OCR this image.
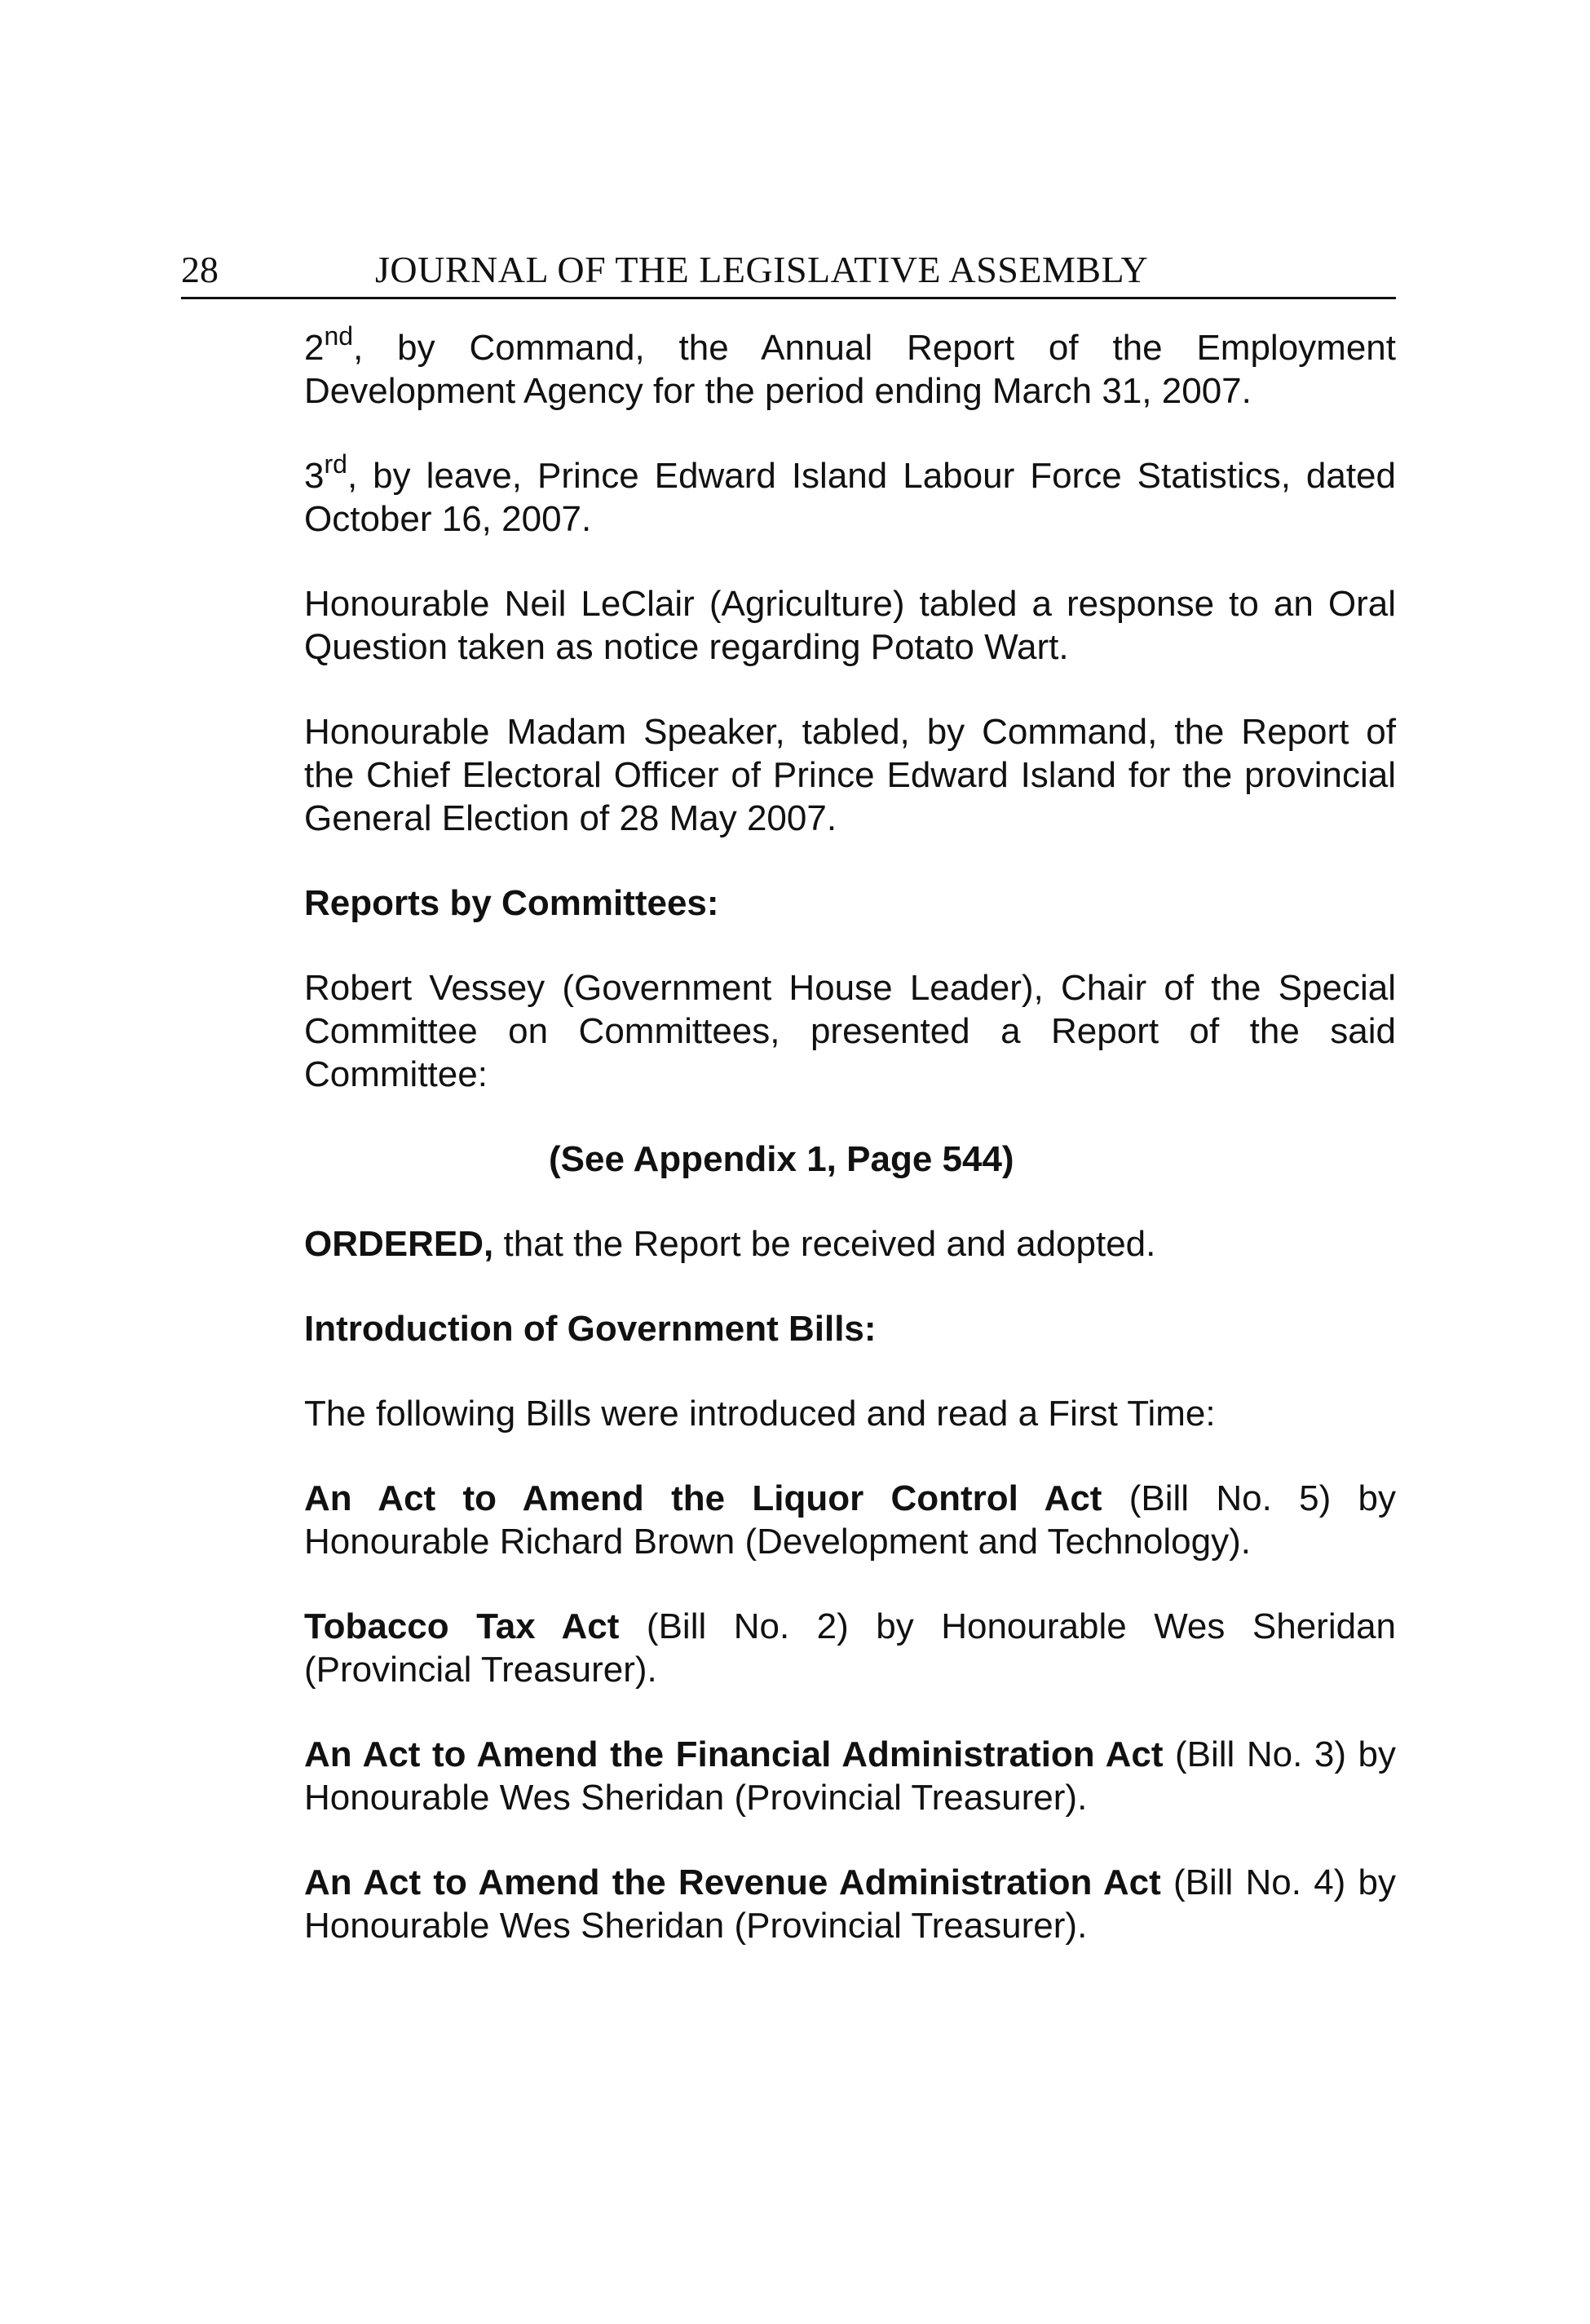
28	JOURNAL OF THE LEGISLATIVE ASSEMBLY

2nd, by Command, the Annual Report of the Employment Development Agency for the period ending March 31, 2007.

3rd, by leave, Prince Edward Island Labour Force Statistics, dated October 16, 2007.

Honourable Neil LeClair (Agriculture) tabled a response to an Oral Question taken as notice regarding Potato Wart.

Honourable Madam Speaker, tabled, by Command, the Report of the Chief Electoral Officer of Prince Edward Island for the provincial General Election of 28 May 2007.

Reports by Committees:

Robert Vessey (Government House Leader), Chair of the Special Committee on Committees, presented a Report of the said Committee:

(See Appendix 1, Page 544)

ORDERED, that the Report be received and adopted.

Introduction of Government Bills:

The following Bills were introduced and read a First Time:

An Act to Amend the Liquor Control Act (Bill No. 5) by Honourable Richard Brown (Development and Technology).

Tobacco Tax Act (Bill No. 2) by Honourable Wes Sheridan (Provincial Treasurer).

An Act to Amend the Financial Administration Act (Bill No. 3) by Honourable Wes Sheridan (Provincial Treasurer).

An Act to Amend the Revenue Administration Act (Bill No. 4) by Honourable Wes Sheridan (Provincial Treasurer).
